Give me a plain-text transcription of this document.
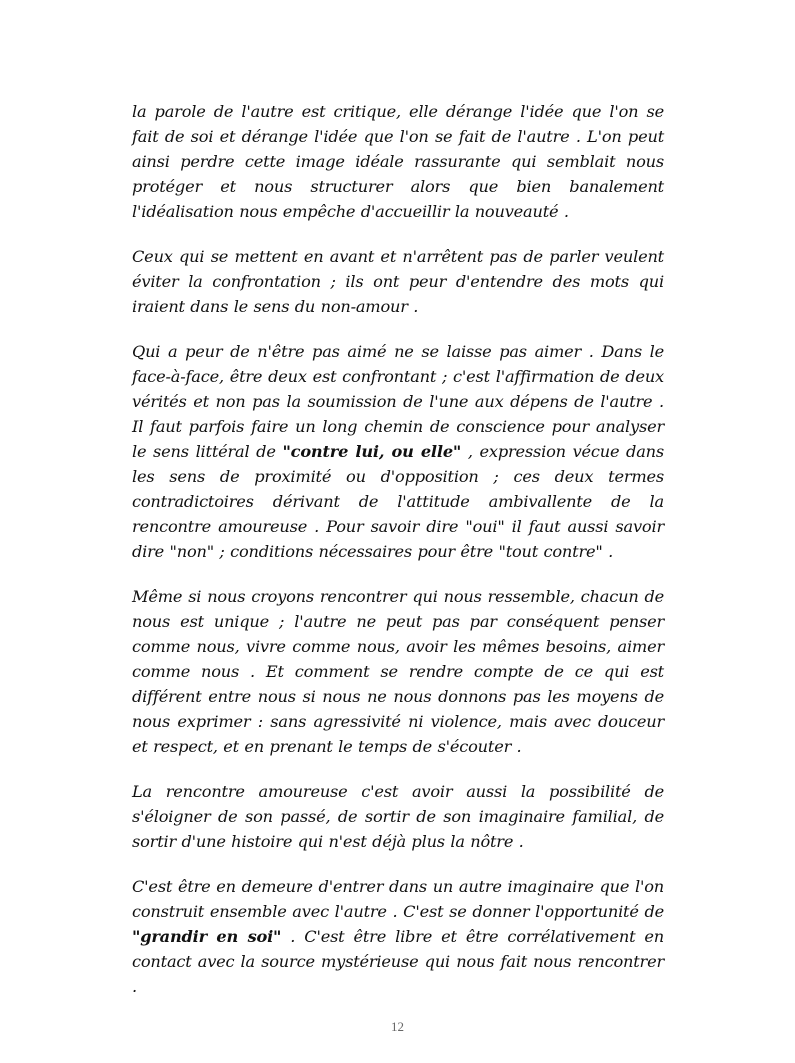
la parole de l'autre est critique, elle dérange l'idée que l'on se fait de soi et dérange l'idée que l'on se fait de l'autre . L'on peut ainsi perdre cette image idéale rassurante qui semblait nous protéger et nous structurer alors que bien banalement l'idéalisation nous empêche d'accueillir la nouveauté .

Ceux qui se mettent en avant et n'arrêtent pas de parler veulent éviter la confrontation ; ils ont peur d'entendre des mots qui iraient dans le sens du non-amour .

Qui a peur de n'être pas aimé ne se laisse pas aimer . Dans le face-à-face, être deux est confrontant ; c'est l'affirmation de deux vérités et non pas la soumission de l'une aux dépens de l'autre . Il faut parfois faire un long chemin de conscience pour analyser le sens littéral de "contre lui, ou elle" , expression vécue dans les sens de proximité ou d'opposition ; ces deux termes contradictoires dérivant de l'attitude ambivallente de la rencontre amoureuse . Pour savoir dire "oui" il faut aussi savoir dire "non" ; conditions nécessaires pour être "tout contre" .

Même si nous croyons rencontrer qui nous ressemble, chacun de nous est unique ; l'autre ne peut pas par conséquent penser comme nous, vivre comme nous, avoir les mêmes besoins, aimer comme nous . Et comment se rendre compte de ce qui est différent entre nous si nous ne nous donnons pas les moyens de nous exprimer : sans agressivité ni violence, mais avec douceur et respect, et en prenant le temps de s'écouter .

La rencontre amoureuse c'est avoir aussi la possibilité de s'éloigner de son passé, de sortir de son imaginaire familial, de sortir d'une histoire qui n'est déjà plus la nôtre .

C'est être en demeure d'entrer dans un autre imaginaire que l'on construit ensemble avec l'autre . C'est se donner l'opportunité de "grandir en soi" . C'est être libre et être corrélativement en contact avec la source mystérieuse qui nous fait nous rencontrer .

12
